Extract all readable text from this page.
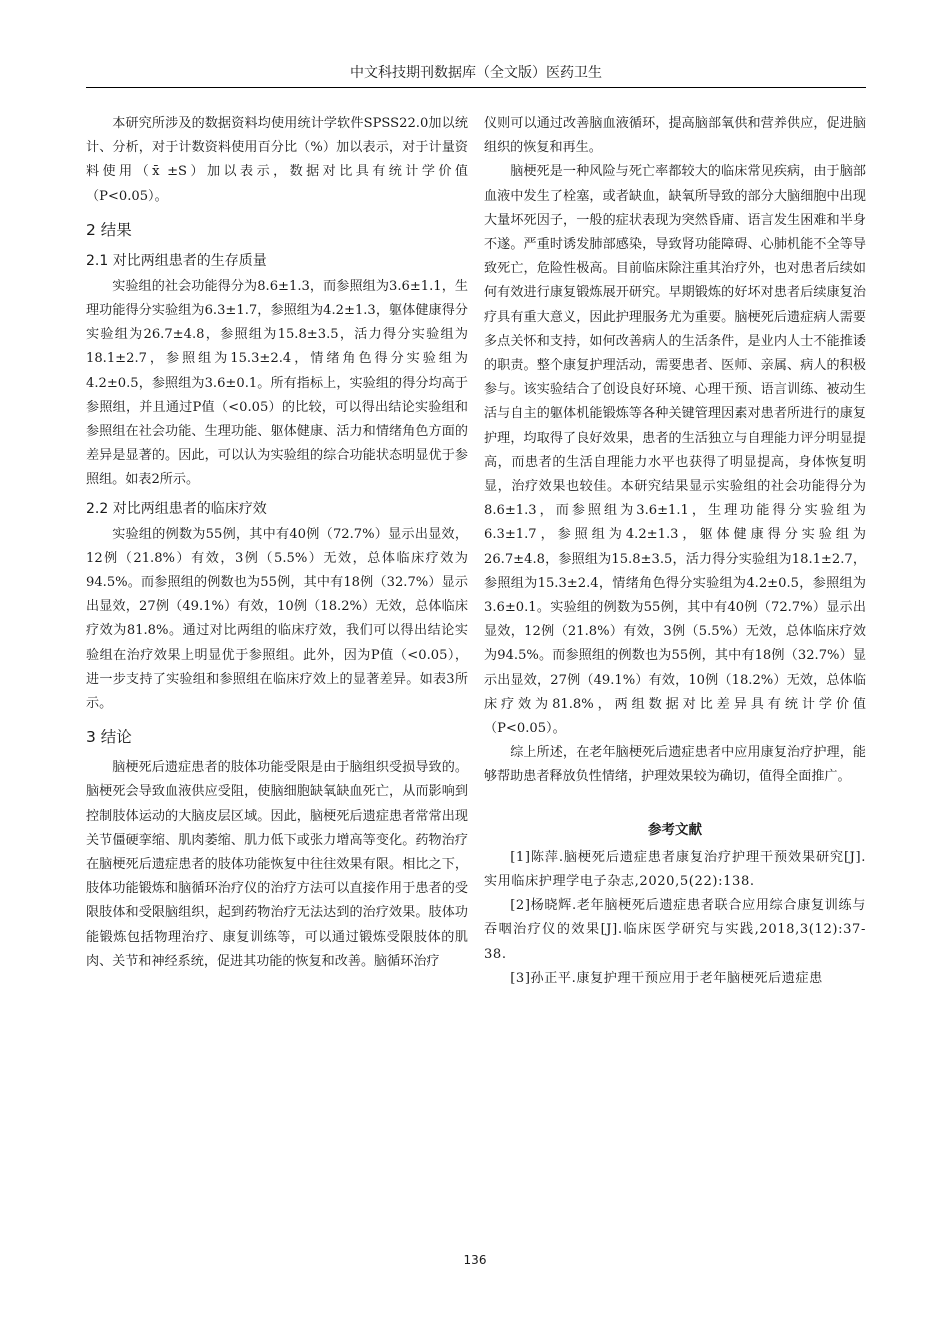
中文科技期刊数据库（全文版）医药卫生

本研究所涉及的数据资料均使用统计学软件SPSS22.0加以统计、分析，对于计数资料使用百分比（%）加以表示，对于计量资料使用（x̄ ±S）加以表示，数据对比具有统计学价值（P<0.05）。

2 结果
2.1 对比两组患者的生存质量

实验组的社会功能得分为8.6±1.3，而参照组为3.6±1.1，生理功能得分实验组为6.3±1.7，参照组为4.2±1.3，躯体健康得分实验组为26.7±4.8，参照组为15.8±3.5，活力得分实验组为18.1±2.7，参照组为15.3±2.4，情绪角色得分实验组为4.2±0.5，参照组为3.6±0.1。所有指标上，实验组的得分均高于参照组，并且通过P值（<0.05）的比较，可以得出结论实验组和参照组在社会功能、生理功能、躯体健康、活力和情绪角色方面的差异是显著的。因此，可以认为实验组的综合功能状态明显优于参照组。如表2所示。

2.2 对比两组患者的临床疗效

实验组的例数为55例，其中有40例（72.7%）显示出显效，12例（21.8%）有效，3例（5.5%）无效，总体临床疗效为94.5%。而参照组的例数也为55例，其中有18例（32.7%）显示出显效，27例（49.1%）有效，10例（18.2%）无效，总体临床疗效为81.8%。通过对比两组的临床疗效，我们可以得出结论实验组在治疗效果上明显优于参照组。此外，因为P值（<0.05），进一步支持了实验组和参照组在临床疗效上的显著差异。如表3所示。

3 结论

脑梗死后遗症患者的肢体功能受限是由于脑组织受损导致的。脑梗死会导致血液供应受阻，使脑细胞缺氧缺血死亡，从而影响到控制肢体运动的大脑皮层区域。因此，脑梗死后遗症患者常常出现关节僵硬挛缩、肌肉萎缩、肌力低下或张力增高等变化。药物治疗在脑梗死后遗症患者的肢体功能恢复中往往效果有限。相比之下，肢体功能锻炼和脑循环治疗仪的治疗方法可以直接作用于患者的受限肢体和受限脑组织，起到药物治疗无法达到的治疗效果。肢体功能锻炼包括物理治疗、康复训练等，可以通过锻炼受限肢体的肌肉、关节和神经系统，促进其功能的恢复和改善。脑循环治疗

仪则可以通过改善脑血液循环，提高脑部氧供和营养供应，促进脑组织的恢复和再生。

脑梗死是一种风险与死亡率都较大的临床常见疾病，由于脑部血液中发生了栓塞，或者缺血，缺氧所导致的部分大脑细胞中出现大量坏死因子，一般的症状表现为突然昏庯、语言发生困难和半身不遂。严重时诱发肺部感染，导致肾功能障碍、心肺机能不全等导致死亡，危险性极高。目前临床除注重其治疗外，也对患者后续如何有效进行康复锻炼展开研究。早期锻炼的好坏对患者后续康复治疗具有重大意义，因此护理服务尤为重要。脑梗死后遗症病人需要多点关怀和支持，如何改善病人的生活条件，是业内人士不能推诿的职责。整个康复护理活动，需要患者、医师、亲属、病人的积极参与。该实验结合了创设良好环境、心理干预、语言训练、被动生活与自主的躯体机能锻炼等各种关键管理因素对患者所进行的康复护理，均取得了良好效果，患者的生活独立与自理能力评分明显提高，而患者的生活自理能力水平也获得了明显提高，身体恢复明显，治疗效果也较佳。本研究结果显示实验组的社会功能得分为8.6±1.3，而参照组为3.6±1.1，生理功能得分实验组为6.3±1.7，参照组为4.2±1.3，躯体健康得分实验组为26.7±4.8，参照组为15.8±3.5，活力得分实验组为18.1±2.7，参照组为15.3±2.4，情绪角色得分实验组为4.2±0.5，参照组为3.6±0.1。实验组的例数为55例，其中有40例（72.7%）显示出显效，12例（21.8%）有效，3例（5.5%）无效，总体临床疗效为94.5%。而参照组的例数也为55例，其中有18例（32.7%）显示出显效，27例（49.1%）有效，10例（18.2%）无效，总体临床疗效为81.8%，两组数据对比差异具有统计学价值（P<0.05）。

综上所述，在老年脑梗死后遗症患者中应用康复治疗护理，能够帮助患者释放负性情绪，护理效果较为确切，值得全面推广。

参考文献

[1]陈萍.脑梗死后遗症患者康复治疗护理干预效果研究[J].实用临床护理学电子杂志,2020,5(22):138.

[2]杨晓辉.老年脑梗死后遗症患者联合应用综合康复训练与吞咽治疗仪的效果[J].临床医学研究与实践,2018,3(12):37-38.

[3]孙正平.康复护理干预应用于老年脑梗死后遗症患

136
